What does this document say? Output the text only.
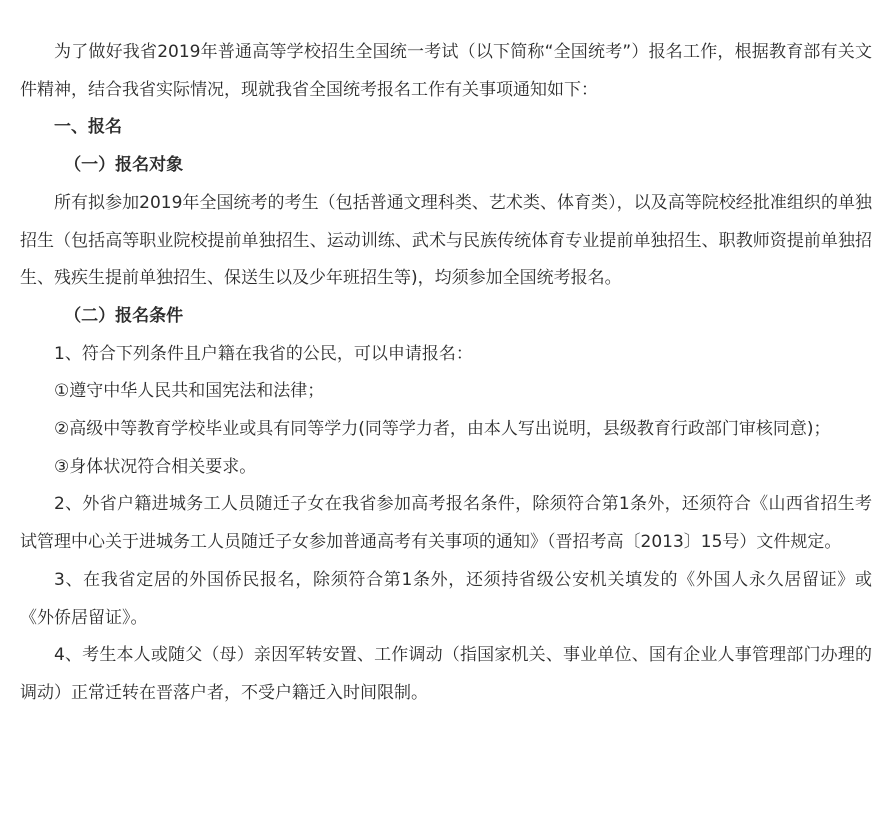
为了做好我省2019年普通高等学校招生全国统一考试（以下简称“全国统考”）报名工作，根据教育部有关文件精神，结合我省实际情况，现就我省全国统考报名工作有关事项通知如下：

一、报名

（一）报名对象

所有拟参加2019年全国统考的考生（包括普通文理科类、艺术类、体育类），以及高等院校经批准组织的单独招生（包括高等职业院校提前单独招生、运动训练、武术与民族传统体育专业提前单独招生、职教师资提前单独招生、残疾生提前单独招生、保送生以及少年班招生等)，均须参加全国统考报名。

（二）报名条件

1、符合下列条件且户籍在我省的公民，可以申请报名：

①遵守中华人民共和国宪法和法律；

②高级中等教育学校毕业或具有同等学力(同等学力者，由本人写出说明，县级教育行政部门审核同意)；

③身体状况符合相关要求。

2、外省户籍进城务工人员随迁子女在我省参加高考报名条件，除须符合第1条外，还须符合《山西省招生考试管理中心关于进城务工人员随迁子女参加普通高考有关事项的通知》（晋招考高〔2013〕15号）文件规定。

3、在我省定居的外国侨民报名，除须符合第1条外，还须持省级公安机关填发的《外国人永久居留证》或《外侨居留证》。

4、考生本人或随父（母）亲因军转安置、工作调动（指国家机关、事业单位、国有企业人事管理部门办理的调动）正常迁转在晋落户者，不受户籍迁入时间限制。
